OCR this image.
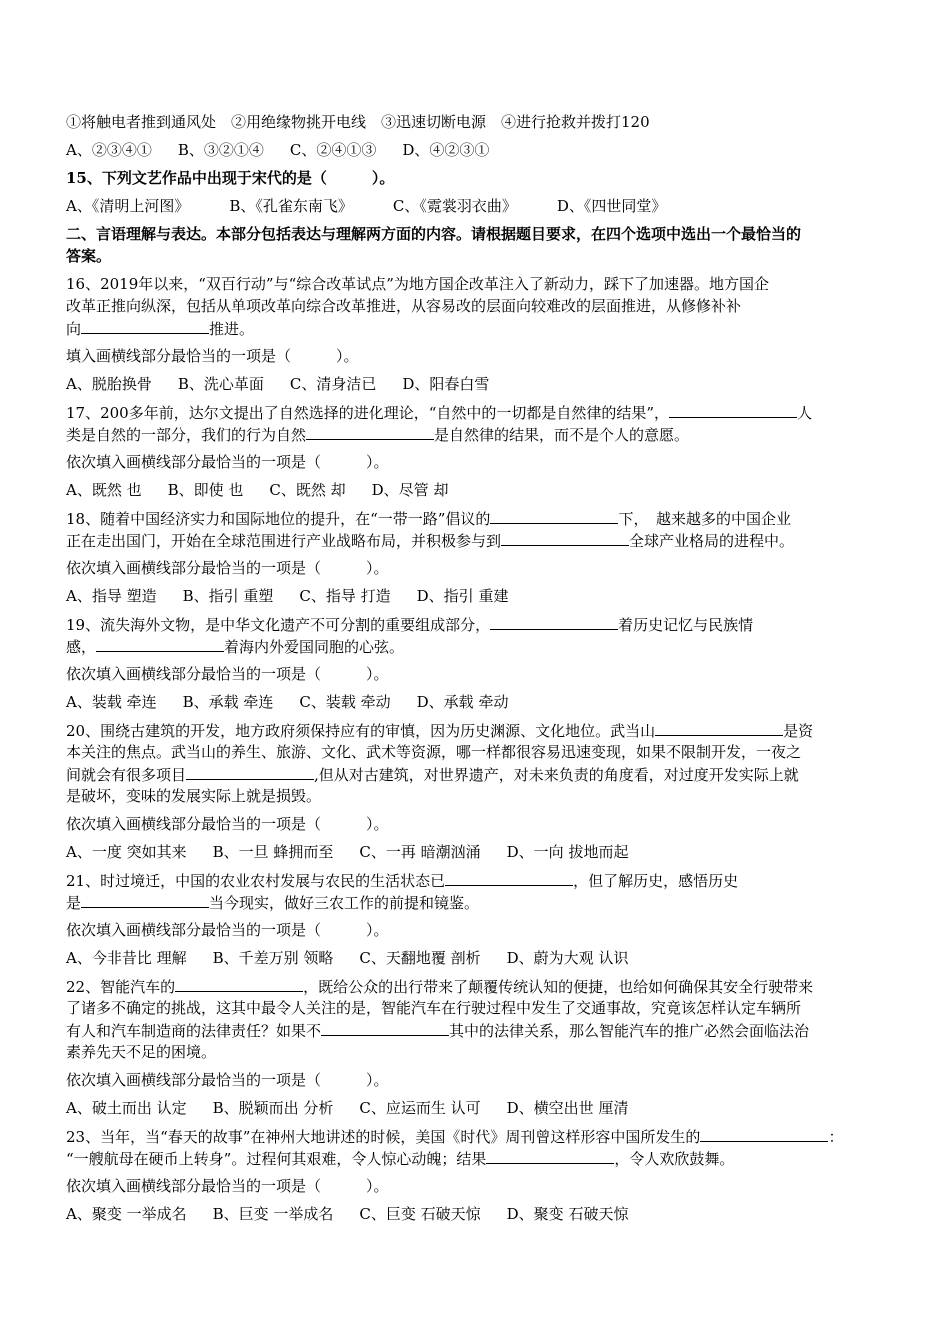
①将触电者推到通风处　②用绝缘物挑开电线　③迅速切断电源　④进行抢救并拨打120

A、②③④① B、③②①④ C、②④①③ D、④②③①

15、下列文艺作品中出现于宋代的是（　　　）。

A、《清明上河图》	B、《孔雀东南飞》	C、《霓裳羽衣曲》	D、《四世同堂》

二、言语理解与表达。本部分包括表达与理解两方面的内容。请根据题目要求，在四个选项中选出一个最恰当的

答案。

16、2019年以来，“双百行动”与“综合改革试点”为地方国企改革注入了新动力，踩下了加速器。地方国企

改革正推向纵深，包括从单项改革向综合改革推进，从容易改的层面向较难改的层面推进，从修修补补

向	推进。

填入画横线部分最恰当的一项是（　　　）。

A、脱胎换骨 B、洗心革面 C、清身洁已 D、阳春白雪

17、200多年前，达尔文提出了自然选择的进化理论，“自然中的一切都是自然律的结果”，	人

类是自然的一部分，我们的行为自然	是自然律的结果，而不是个人的意愿。

依次填入画横线部分最恰当的一项是（　　　）。

A、既然 也 B、即使 也 C、既然 却 D、尽管 却

18、随着中国经济实力和国际地位的提升，在“一带一路”倡议的	下，　越来越多的中国企业

正在走出国门，开始在全球范围进行产业战略布局，并积极参与到	全球产业格局的进程中。

依次填入画横线部分最恰当的一项是（　　　）。

A、指导 塑造 B、指引 重塑 C、指导 打造 D、指引 重建

19、流失海外文物，是中华文化遗产不可分割的重要组成部分，	着历史记忆与民族情

感，	着海内外爱国同胞的心弦。

依次填入画横线部分最恰当的一项是（　　　）。

A、装载 牵连 B、承载 牵连 C、装载 牵动 D、承载 牵动

20、围绕古建筑的开发，地方政府须保持应有的审慎，因为历史渊源、文化地位。武当山	是资

本关注的焦点。武当山的养生、旅游、文化、武术等资源，哪一样都很容易迅速变现，如果不限制开发，一夜之

间就会有很多项目	,但从对古建筑，对世界遗产，对未来负责的角度看，对过度开发实际上就

是破坏，变味的发展实际上就是损毁。

依次填入画横线部分最恰当的一项是（　　　）。

A、一度 突如其来 B、一旦 蜂拥而至 C、一再 暗潮汹涌 D、一向 拔地而起

21、时过境迁，中国的农业农村发展与农民的生活状态已	，但了解历史，感悟历史

是	当今现实，做好三农工作的前提和镜鉴。

依次填入画横线部分最恰当的一项是（　　　）。

A、今非昔比 理解 B、千差万别 领略 C、天翻地覆 剖析 D、蔚为大观 认识

22、智能汽车的	，既给公众的出行带来了颠覆传统认知的便捷，也给如何确保其安全行驶带来

了诸多不确定的挑战，这其中最令人关注的是，智能汽车在行驶过程中发生了交通事故，究竟该怎样认定车辆所

有人和汽车制造商的法律责任？如果不	其中的法律关系，那么智能汽车的推广必然会面临法治

素养先天不足的困境。

依次填入画横线部分最恰当的一项是（　　　）。

A、破土而出 认定 B、脱颖而出 分析 C、应运而生 认可 D、横空出世 厘清

23、当年，当“春天的故事”在神州大地讲述的时候，美国《时代》周刊曾这样形容中国所发生的	：

“一艘航母在硬币上转身”。过程何其艰难，令人惊心动魄；结果	，令人欢欣鼓舞。

依次填入画横线部分最恰当的一项是（　　　）。

A、聚变 一举成名 B、巨变 一举成名 C、巨变 石破天惊 D、聚变 石破天惊
